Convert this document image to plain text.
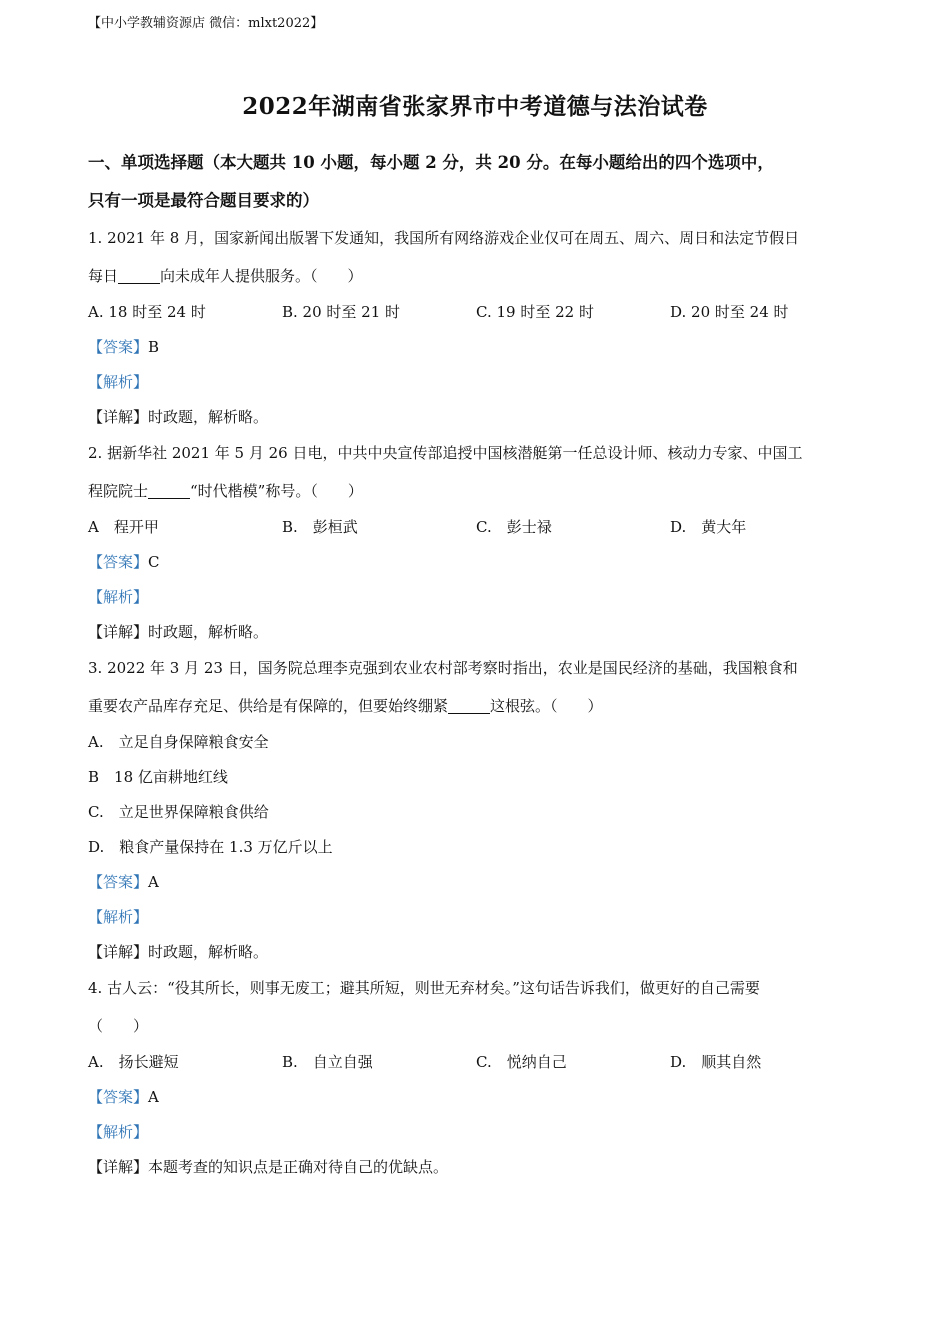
【中小学教辅资源店 微信：mlxt2022】
2022年湖南省张家界市中考道德与法治试卷

一、单项选择题（本大题共 10 小题，每小题 2 分，共 20 分。在每小题给出的四个选项中，

只有一项是最符合题目要求的）

1. 2021 年 8 月，国家新闻出版署下发通知，我国所有网络游戏企业仅可在周五、周六、周日和法定节假日

每日	向未成年人提供服务。（　　）

A. 18 时至 24 时	B. 20 时至 21 时	C. 19 时至 22 时	D. 20 时至 24 时

【答案】B

【解析】

【详解】时政题，解析略。

2. 据新华社 2021 年 5 月 26 日电，中共中央宣传部追授中国核潜艇第一任总设计师、核动力专家、中国工

程院院士	“时代楷模”称号。（　　）

A　程开甲	B.　彭桓武	C.　彭士禄	D.　黄大年

【答案】C

【解析】

【详解】时政题，解析略。

3. 2022 年 3 月 23 日，国务院总理李克强到农业农村部考察时指出，农业是国民经济的基础，我国粮食和

重要农产品库存充足、供给是有保障的，但要始终绷紧	这根弦。（　　）

A.　立足自身保障粮食安全

B　18 亿亩耕地红线

C.　立足世界保障粮食供给

D.　粮食产量保持在 1.3 万亿斤以上

【答案】A

【解析】

【详解】时政题，解析略。

4. 古人云：“役其所长，则事无废工；避其所短，则世无弃材矣。”这句话告诉我们，做更好的自己需要

（　　）

A.　扬长避短	B.　自立自强	C.　悦纳自己	D.　顺其自然

【答案】A

【解析】

【详解】本题考查的知识点是正确对待自己的优缺点。
